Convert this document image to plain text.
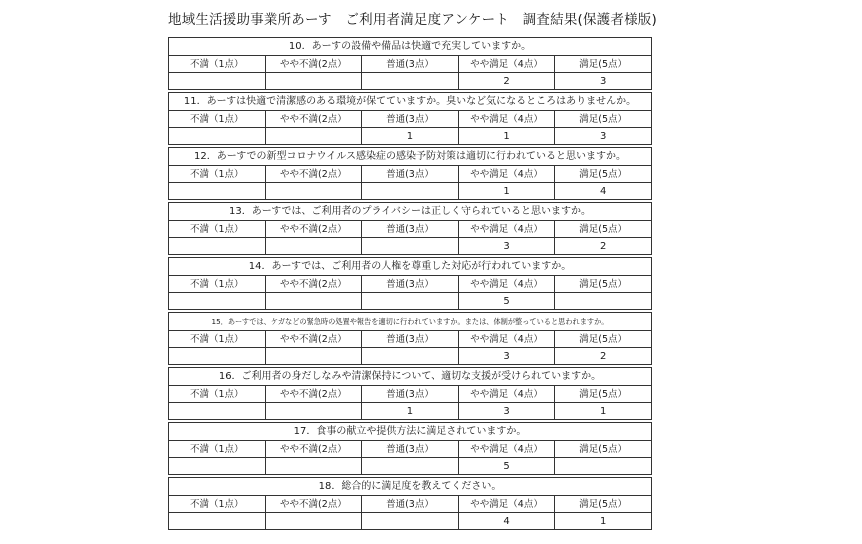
地域生活援助事業所あーす　ご利用者満足度アンケート　調査結果(保護者様版)
10．あーすの設備や備品は快適で充実していますか。
不満（1点）	やや不満(2点）	普通(3点）	やや満足（4点）	満足(5点）
			2	3
11．あーすは快適で清潔感のある環境が保てていますか。臭いなど気になるところはありませんか。
不満（1点）	やや不満(2点）	普通(3点）	やや満足（4点）	満足(5点）
		1	1	3
12．あーすでの新型コロナウイルス感染症の感染予防対策は適切に行われていると思いますか。
不満（1点）	やや不満(2点）	普通(3点）	やや満足（4点）	満足(5点）
			1	4
13．あーすでは、ご利用者のプライバシーは正しく守られていると思いますか。
不満（1点）	やや不満(2点）	普通(3点）	やや満足（4点）	満足(5点）
			3	2
14．あーすでは、ご利用者の人権を尊重した対応が行われていますか。
不満（1点）	やや不満(2点）	普通(3点）	やや満足（4点）	満足(5点）
			5	
15．あーすでは、ケガなどの緊急時の処置や報告を適切に行われていますか。または、体制が整っていると思われますか。
不満（1点）	やや不満(2点）	普通(3点）	やや満足（4点）	満足(5点）
			3	2
16．ご利用者の身だしなみや清潔保持について、適切な支援が受けられていますか。
不満（1点）	やや不満(2点）	普通(3点）	やや満足（4点）	満足(5点）
		1	3	1
17．食事の献立や提供方法に満足されていますか。
不満（1点）	やや不満(2点）	普通(3点）	やや満足（4点）	満足(5点）
			5	
18．総合的に満足度を教えてください。
不満（1点）	やや不満(2点）	普通(3点）	やや満足（4点）	満足(5点）
			4	1
